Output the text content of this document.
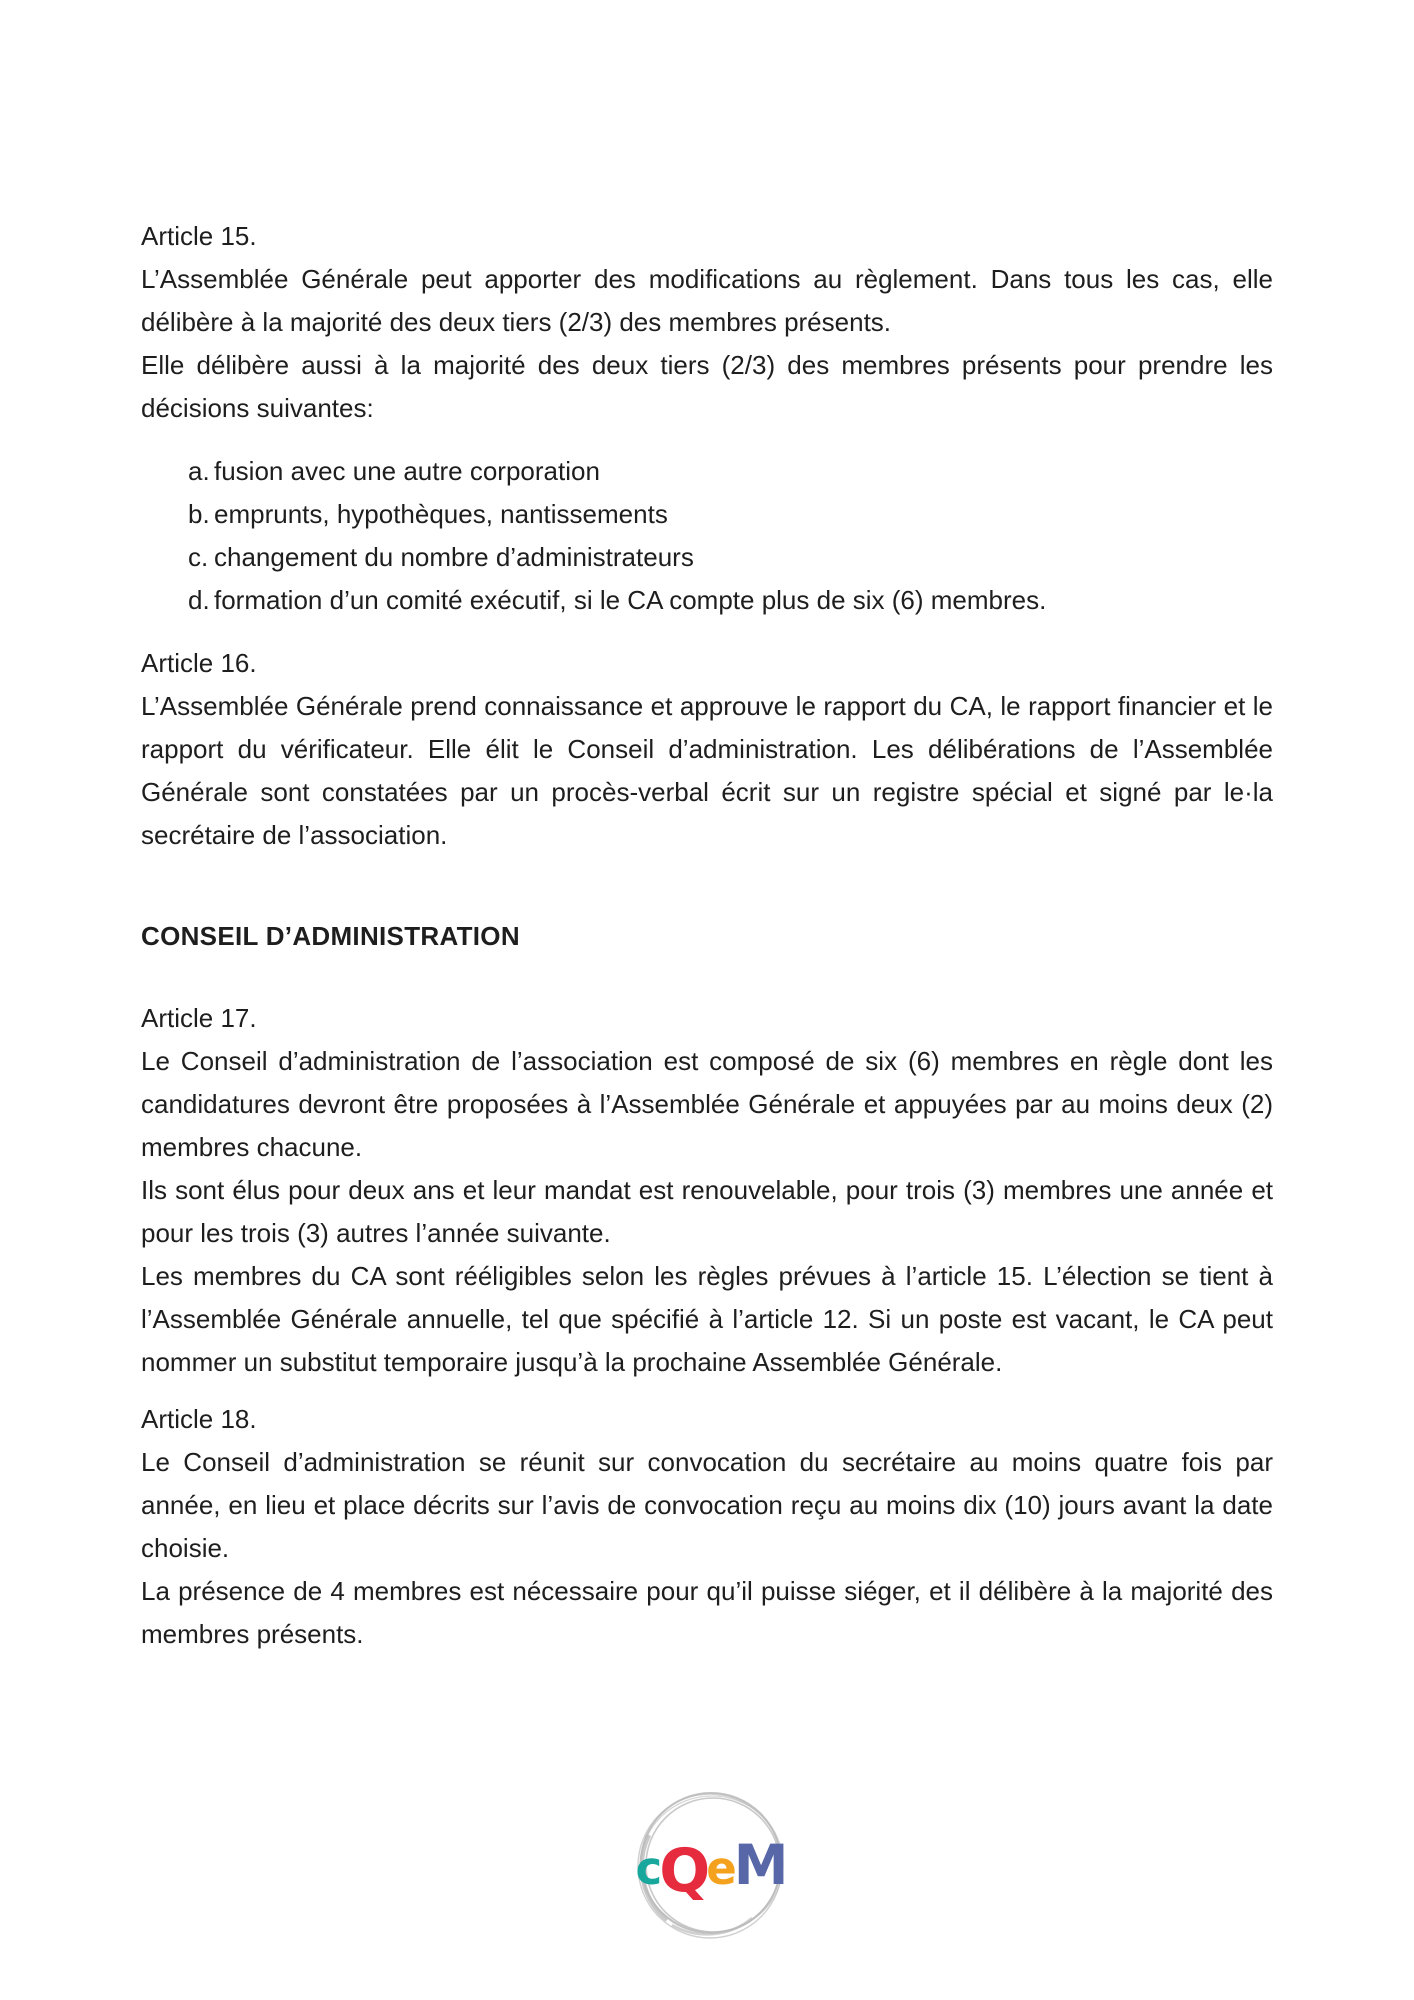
Article 15.

L’Assemblée Générale peut apporter des modifications au règlement. Dans tous les cas, elle délibère à la majorité des deux tiers (2/3) des membres présents.

Elle délibère aussi à la majorité des deux tiers (2/3) des membres présents pour prendre les décisions suivantes:

a. fusion avec une autre corporation
b. emprunts, hypothèques, nantissements
c. changement du nombre d’administrateurs
d. formation d’un comité exécutif, si le CA compte plus de six (6) membres.

Article 16.

L’Assemblée Générale prend connaissance et approuve le rapport du CA, le rapport financier et le rapport du vérificateur. Elle élit le Conseil d’administration. Les délibérations de l’Assemblée Générale sont constatées par un procès-verbal écrit sur un registre spécial et signé par le·la secrétaire de l’association.

CONSEIL D’ADMINISTRATION

Article 17.

Le Conseil d’administration de l’association est composé de six (6) membres en règle dont les candidatures devront être proposées à l’Assemblée Générale et appuyées par au moins deux (2) membres chacune.

Ils sont élus pour deux ans et leur mandat est renouvelable, pour trois (3) membres une année et pour les trois (3) autres l’année suivante.

Les membres du CA sont rééligibles selon les règles prévues à l’article 15. L’élection se tient à l’Assemblée Générale annuelle, tel que spécifié à l’article 12. Si un poste est vacant, le CA peut nommer un substitut temporaire jusqu’à la prochaine Assemblée Générale.

Article 18.

Le Conseil d’administration se réunit sur convocation du secrétaire au moins quatre fois par année, en lieu et place décrits sur l’avis de convocation reçu au moins dix (10) jours avant la date choisie.

La présence de 4 membres est nécessaire pour qu’il puisse siéger, et il délibère à la majorité des membres présents.

c
Q
e
M
